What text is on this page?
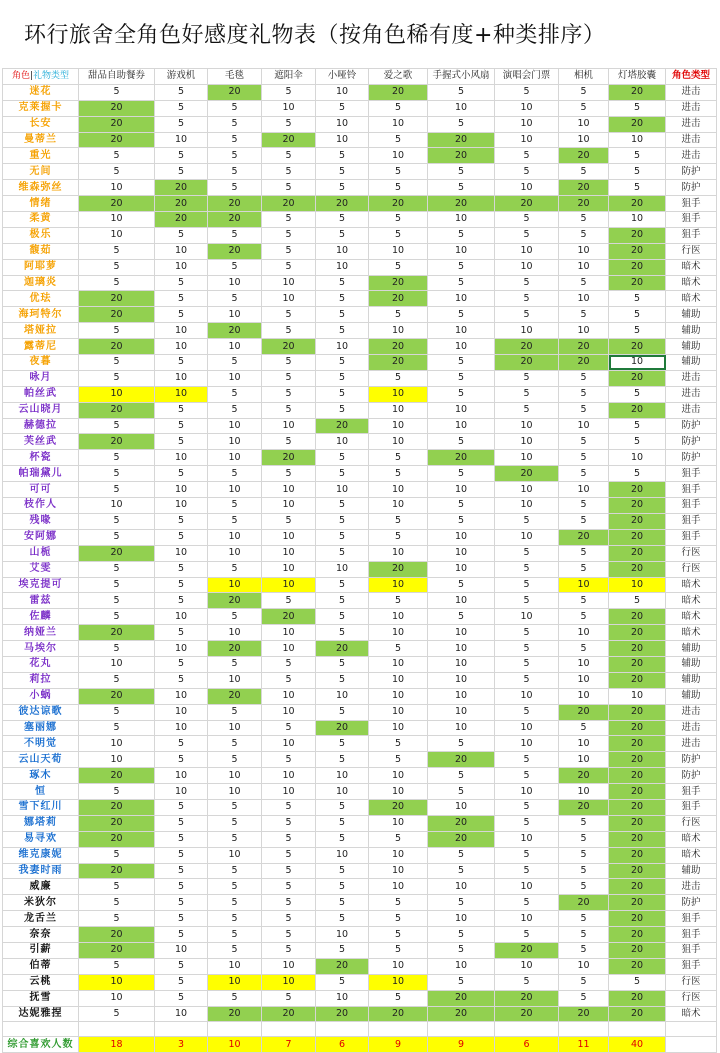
环行旅舍全角色好感度礼物表（按角色稀有度+种类排序）
角色|礼物类型	甜品自助餐券	游戏机	毛毯	遮阳伞	小哑铃	爱之歌	手握式小风扇	演唱会门票	相机	灯塔胶囊	角色类型
迷花	5	5	20	5	10	20	5	5	5	20	进击
克莱握卡	20	5	5	10	5	5	10	10	5	5	进击
长安	20	5	5	5	10	10	5	10	10	20	进击
曼蒂兰	20	10	5	20	10	5	20	10	10	10	进击
重光	5	5	5	5	5	10	20	5	20	5	进击
无间	5	5	5	5	5	5	5	5	5	5	防护
维森弥丝	10	20	5	5	5	5	5	10	20	5	防护
情绪	20	20	20	20	20	20	20	20	20	20	狙手
柔黄	10	20	20	5	5	5	10	5	5	10	狙手
极乐	10	5	5	5	5	5	5	5	5	20	狙手
馥茹	5	10	20	5	10	10	10	10	10	20	行医
阿耶萝	5	10	5	5	10	5	5	10	10	20	暗术
迦璃炎	5	5	10	10	5	20	5	5	5	20	暗术
优珐	20	5	5	10	5	20	10	5	10	5	暗术
海珂特尔	20	5	10	5	5	5	5	5	5	5	辅助
塔娅拉	5	10	20	5	5	10	10	10	10	5	辅助
露蒂尼	20	10	10	20	10	20	10	20	20	20	辅助
夜暮	5	5	5	5	5	20	5	20	20	10	辅助
咏月	5	10	10	5	5	5	5	5	5	20	进击
帕丝武	10	10	5	5	5	10	5	5	5	5	进击
云山晓月	20	5	5	5	5	10	10	5	5	20	进击
赫德拉	5	5	10	10	20	10	10	10	10	5	防护
芙丝武	20	5	10	5	10	10	5	10	5	5	防护
杯瓷	5	10	10	20	5	5	20	10	5	10	防护
帕瑞黛儿	5	5	5	5	5	5	5	20	5	5	狙手
可可	5	10	10	10	10	10	10	10	10	20	狙手
枝作人	10	10	5	10	5	10	5	10	5	20	狙手
残喙	5	5	5	5	5	5	5	5	5	20	狙手
安阿娜	5	5	10	10	5	5	10	10	20	20	狙手
山栀	20	10	10	10	5	10	10	5	5	20	行医
艾雯	5	5	5	10	10	20	10	5	5	20	行医
埃克提可	5	5	10	10	5	10	5	5	10	10	暗术
雷兹	5	5	20	5	5	5	10	5	5	5	暗术
佐麟	5	10	5	20	5	10	5	10	5	20	暗术
纳娅兰	20	5	10	10	5	10	10	5	10	20	暗术
马埃尔	5	10	20	10	20	5	10	5	5	20	辅助
花丸	10	5	5	5	5	10	10	5	10	20	辅助
莉拉	5	5	10	5	5	10	10	5	10	20	辅助
小蜗	20	10	20	10	10	10	10	10	10	10	辅助
彼达谅歌	5	10	5	10	5	10	10	5	20	20	进击
塞丽娜	5	10	10	5	20	10	10	10	5	20	进击
不明觉	10	5	5	10	5	5	5	10	10	20	进击
云山天荀	10	5	5	5	5	5	20	5	10	20	防护
琢木	20	10	10	10	10	10	5	5	20	20	防护
恒	5	10	10	10	10	10	5	10	10	20	狙手
雪下红川	20	5	5	5	5	20	10	5	20	20	狙手
娜塔莉	20	5	5	5	5	10	20	5	5	20	行医
易寻欢	20	5	5	5	5	5	20	10	5	20	暗术
维克康妮	5	5	10	5	10	10	5	5	5	20	暗术
我妻时雨	20	5	5	5	5	10	5	5	5	20	辅助
威廉	5	5	5	5	5	10	10	10	5	20	进击
米狄尔	5	5	5	5	5	5	5	5	20	20	防护
龙舌兰	5	5	5	5	5	5	10	10	5	20	狙手
奈奈	20	5	5	5	10	5	5	5	5	20	狙手
引薪	20	10	5	5	5	5	5	20	5	20	狙手
伯蒂	5	5	10	10	20	10	10	10	10	20	狙手
云桃	10	5	10	10	5	10	5	5	5	5	行医
抚雪	10	5	5	5	10	5	20	20	5	20	行医
达妮雅捏	5	10	20	20	20	20	20	20	20	20	暗术

综合喜欢人数	18	3	10	7	6	9	9	6	11	40	
